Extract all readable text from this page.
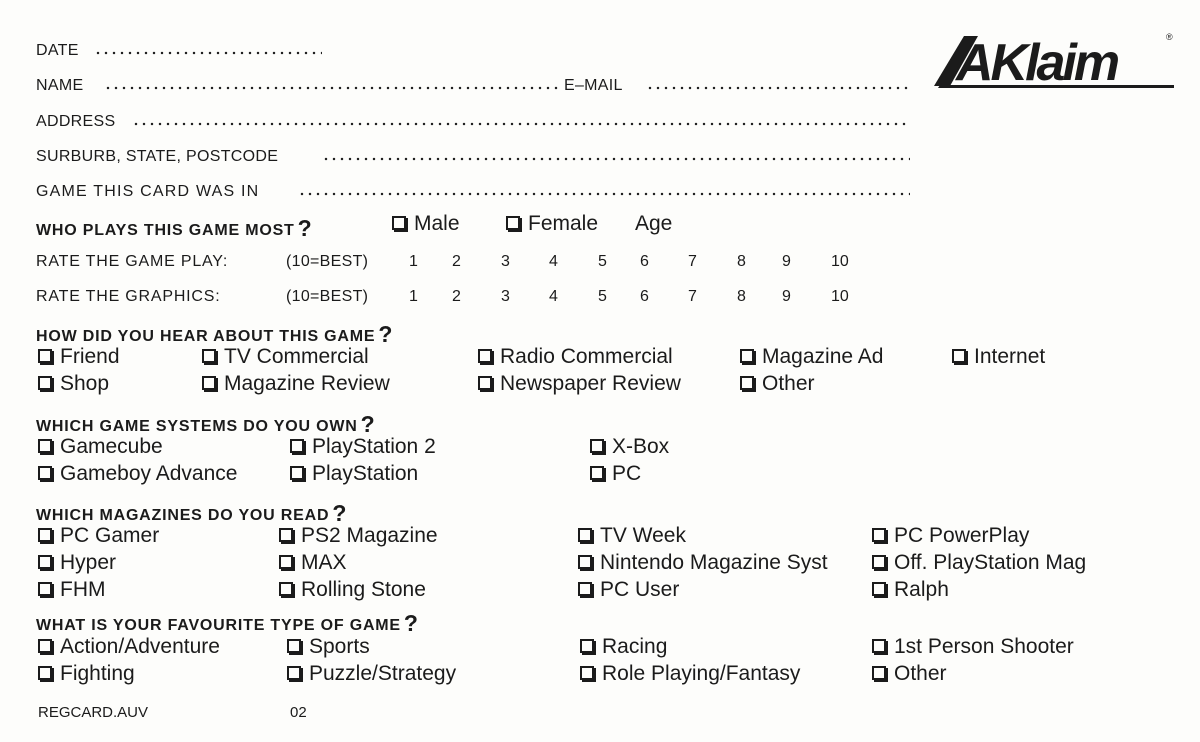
AKlaim	®
DATE
NAME	E–MAIL
ADDRESS
SURBURB, STATE, POSTCODE
GAME THIS CARD WAS IN
WHO PLAYS THIS GAME MOST ?	Male	Female Age
RATE THE GAME PLAY:	(10=BEST)	1 2	3 4	5 6 7	8 9	10
RATE THE GRAPHICS:	(10=BEST)	1 2	3 4	5 6 7	8 9	10
HOW DID YOU HEAR ABOUT THIS GAME ?
Friend	TV Commercial	Radio Commercial	Magazine Ad	Internet
Shop	Magazine Review	Newspaper Review	Other
WHICH GAME SYSTEMS DO YOU OWN ?
Gamecube	PlayStation 2	X-Box
Gameboy Advance	PlayStation	PC
WHICH MAGAZINES DO YOU READ ?
PC Gamer	PS2 Magazine	TV Week	PC PowerPlay
Hyper	MAX	Nintendo Magazine Syst	Off. PlayStation Mag
FHM	Rolling Stone	PC User	Ralph
WHAT IS YOUR FAVOURITE TYPE OF GAME ?
Action/Adventure	Sports	Racing	1st Person Shooter
Fighting	Puzzle/Strategy	Role Playing/Fantasy	Other
REGCARD.AUV	02
